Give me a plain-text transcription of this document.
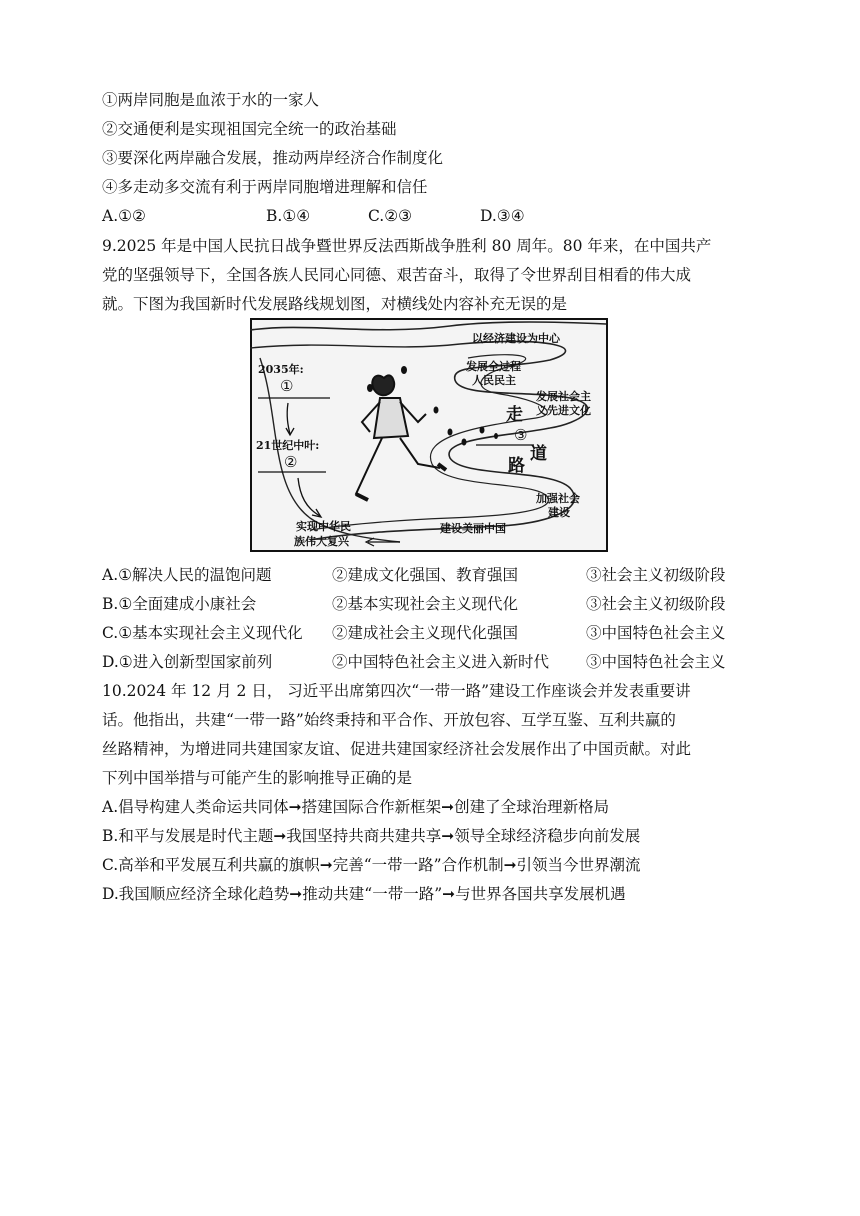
①两岸同胞是血浓于水的一家人
②交通便利是实现祖国完全统一的政治基础
③要深化两岸融合发展，推动两岸经济合作制度化
④多走动多交流有利于两岸同胞增进理解和信任
A.①②	B.①④	C.②③	D.③④
9.2025 年是中国人民抗日战争暨世界反法西斯战争胜利 80 周年。80 年来，在中国共产
党的坚强领导下，全国各族人民同心同德、艰苦奋斗，取得了令世界刮目相看的伟大成
就。下图为我国新时代发展路线规划图，对横线处内容补充无误的是
2035年:
①
21世纪中叶:
②
实现中华民
族伟大复兴
以经济建设为中心
发展全过程
人民民主
发展社会主
义先进文化
走
③
道
路
加强社会
建设
建设美丽中国
A.①解决人民的温饱问题	②建成文化强国、教育强国	③社会主义初级阶段
B.①全面建成小康社会	②基本实现社会主义现代化	③社会主义初级阶段
C.①基本实现社会主义现代化 ②建成社会主义现代化强国	③中国特色社会主义
D.①进入创新型国家前列	②中国特色社会主义进入新时代 ③中国特色社会主义
10.2024 年 12 月 2 日， 习近平出席第四次“一带一路”建设工作座谈会并发表重要讲
话。他指出，共建“一带一路”始终秉持和平合作、开放包容、互学互鉴、互利共赢的
丝路精神，为增进同共建国家友谊、促进共建国家经济社会发展作出了中国贡献。对此
下列中国举措与可能产生的影响推导正确的是
A.倡导构建人类命运共同体➞搭建国际合作新框架➞创建了全球治理新格局
B.和平与发展是时代主题➞我国坚持共商共建共享➞领导全球经济稳步向前发展
C.高举和平发展互利共赢的旗帜➞完善“一带一路”合作机制➞引领当今世界潮流
D.我国顺应经济全球化趋势➞推动共建“一带一路”➞与世界各国共享发展机遇
